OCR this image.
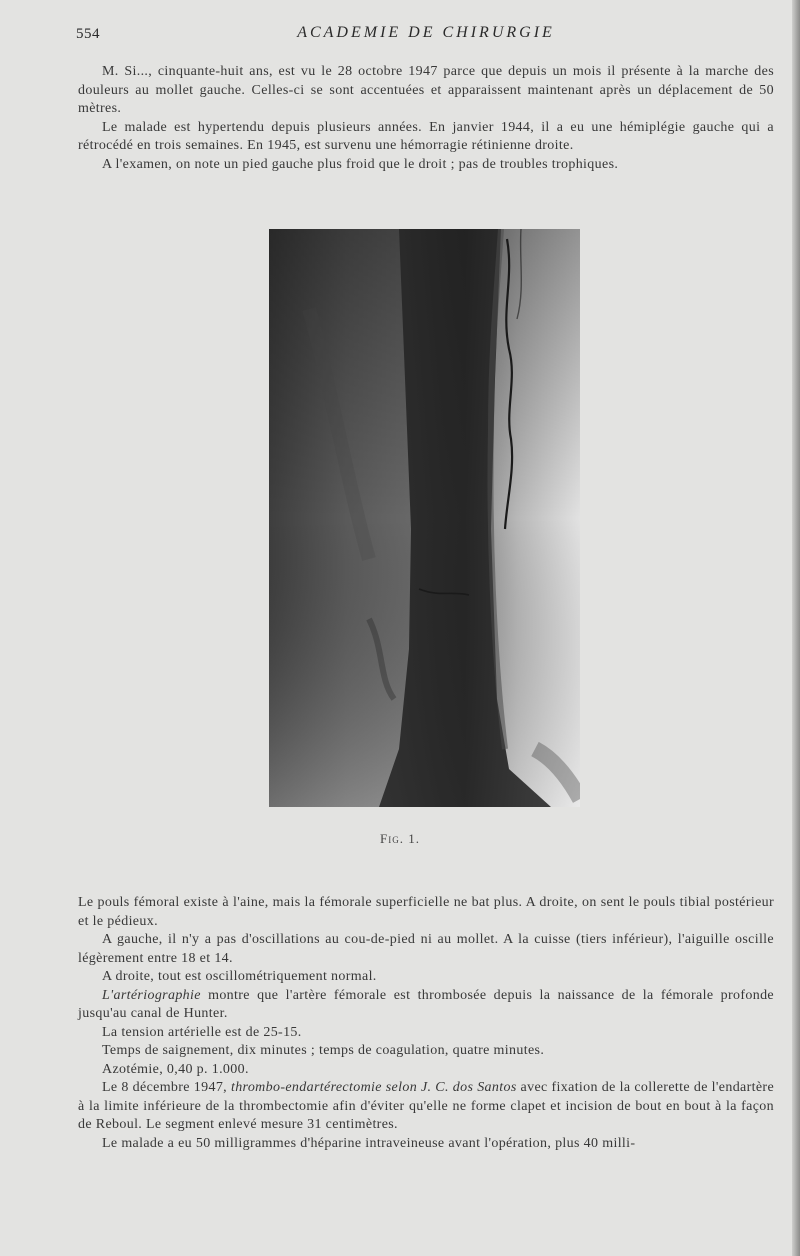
554	ACADEMIE DE CHIRURGIE

M. Si..., cinquante-huit ans, est vu le 28 octobre 1947 parce que depuis un mois il présente à la marche des douleurs au mollet gauche. Celles-ci se sont accentuées et apparaissent maintenant après un déplacement de 50 mètres.

Le malade est hypertendu depuis plusieurs années. En janvier 1944, il a eu une hémiplégie gauche qui a rétrocédé en trois semaines. En 1945, est survenu une hémorragie rétinienne droite.

A l'examen, on note un pied gauche plus froid que le droit ; pas de troubles trophiques.

Fig. 1.

Le pouls fémoral existe à l'aine, mais la fémorale superficielle ne bat plus. A droite, on sent le pouls tibial postérieur et le pédieux.

A gauche, il n'y a pas d'oscillations au cou-de-pied ni au mollet. A la cuisse (tiers inférieur), l'aiguille oscille légèrement entre 18 et 14.

A droite, tout est oscillométriquement normal.

L'artériographie montre que l'artère fémorale est thrombosée depuis la naissance de la fémorale profonde jusqu'au canal de Hunter.

La tension artérielle est de 25-15.

Temps de saignement, dix minutes ; temps de coagulation, quatre minutes.

Azotémie, 0,40 p. 1.000.

Le 8 décembre 1947, thrombo-endartérectomie selon J. C. dos Santos avec fixation de la collerette de l'endartère à la limite inférieure de la thrombectomie afin d'éviter qu'elle ne forme clapet et incision de bout en bout à la façon de Reboul. Le segment enlevé mesure 31 centimètres.

Le malade a eu 50 milligrammes d'héparine intraveineuse avant l'opération, plus 40 milli-
